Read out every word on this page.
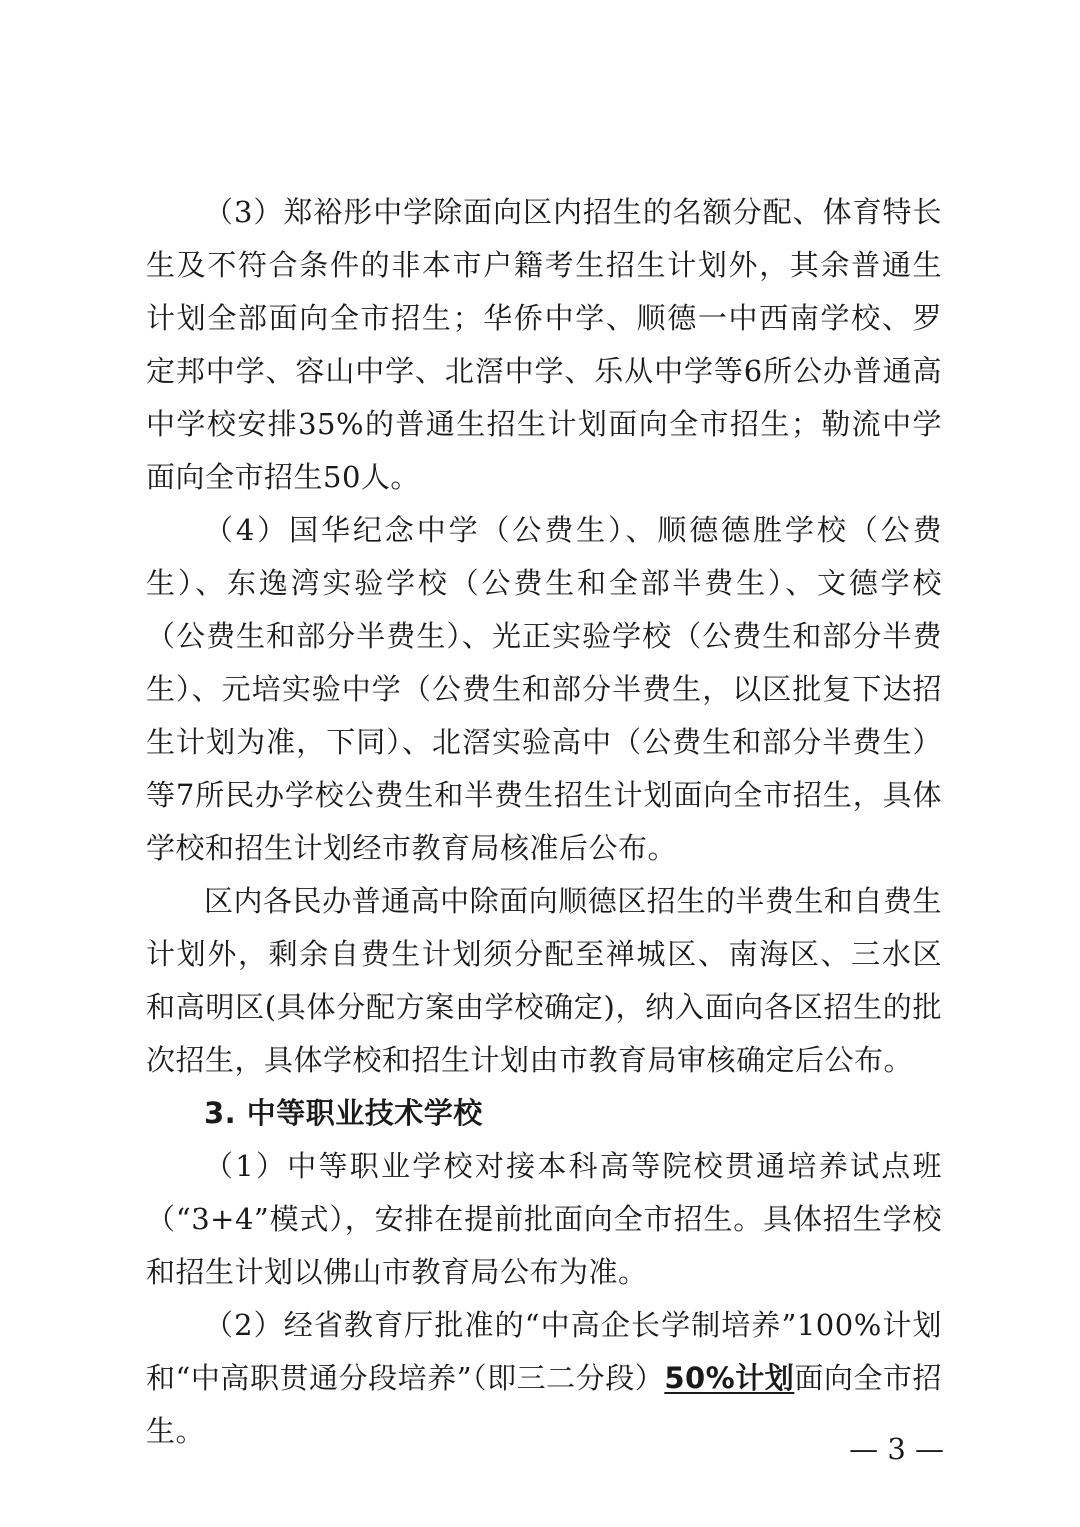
（3）郑裕彤中学除面向区内招生的名额分配、体育特长生及不符合条件的非本市户籍考生招生计划外，其余普通生计划全部面向全市招生；华侨中学、顺德一中西南学校、罗定邦中学、容山中学、北滘中学、乐从中学等6所公办普通高中学校安排35%的普通生招生计划面向全市招生；勒流中学面向全市招生50人。

（4）国华纪念中学（公费生）、顺德德胜学校（公费生）、东逸湾实验学校（公费生和全部半费生）、文德学校（公费生和部分半费生）、光正实验学校（公费生和部分半费生）、元培实验中学（公费生和部分半费生，以区批复下达招生计划为准，下同）、北滘实验高中（公费生和部分半费生）等7所民办学校公费生和半费生招生计划面向全市招生，具体学校和招生计划经市教育局核准后公布。

区内各民办普通高中除面向顺德区招生的半费生和自费生计划外，剩余自费生计划须分配至禅城区、南海区、三水区和高明区(具体分配方案由学校确定)，纳入面向各区招生的批次招生，具体学校和招生计划由市教育局审核确定后公布。

3. 中等职业技术学校

（1）中等职业学校对接本科高等院校贯通培养试点班（“3+4”模式），安排在提前批面向全市招生。具体招生学校和招生计划以佛山市教育局公布为准。

（2）经省教育厅批准的“中高企长学制培养”100%计划和“中高职贯通分段培养”（即三二分段）50%计划面向全市招生。

— 3 —
